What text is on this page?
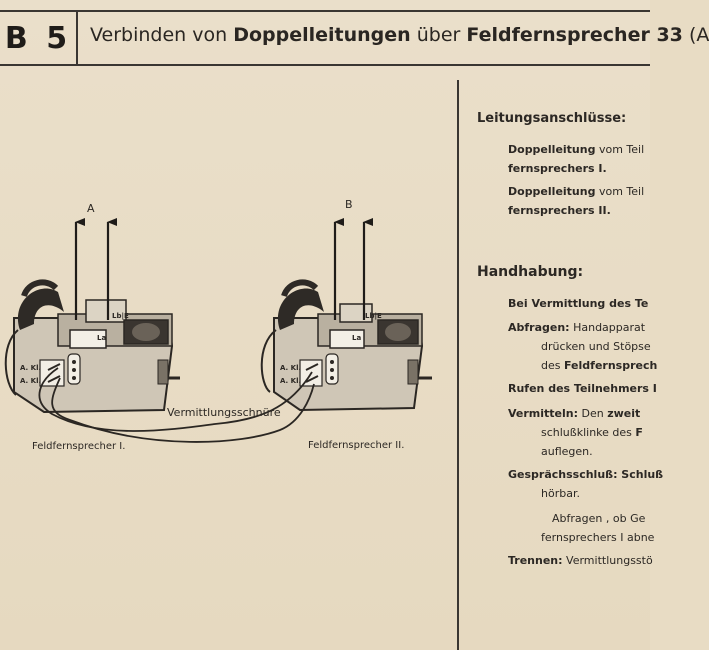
B 5 Verbinden von Doppelleitungen über Feldfernsprecher 33 (A
A	B
Lb|E
La
Lb|E
La
A. Kl.
A. Kl.
A. Kl.
A. Kl.
Vermittlungsschnüre
Feldfernsprecher I.	Feldfernsprecher II.
Leitungsanschlüsse:
Doppelleitung vom Teil
fernsprechers I.
Doppelleitung vom Teil
fernsprechers II.
Handhabung:
Bei Vermittlung des Te
Abfragen: Handapparat
drücken und Stöpse
des Feldfernsprech
Rufen des Teilnehmers I
Vermitteln: Den zweit
schlußklinke des F
auflegen.
Gesprächsschluß: Schluß
hörbar.
Abfragen , ob Ge
fernsprechers I abne
Trennen: Vermittlungsstö
